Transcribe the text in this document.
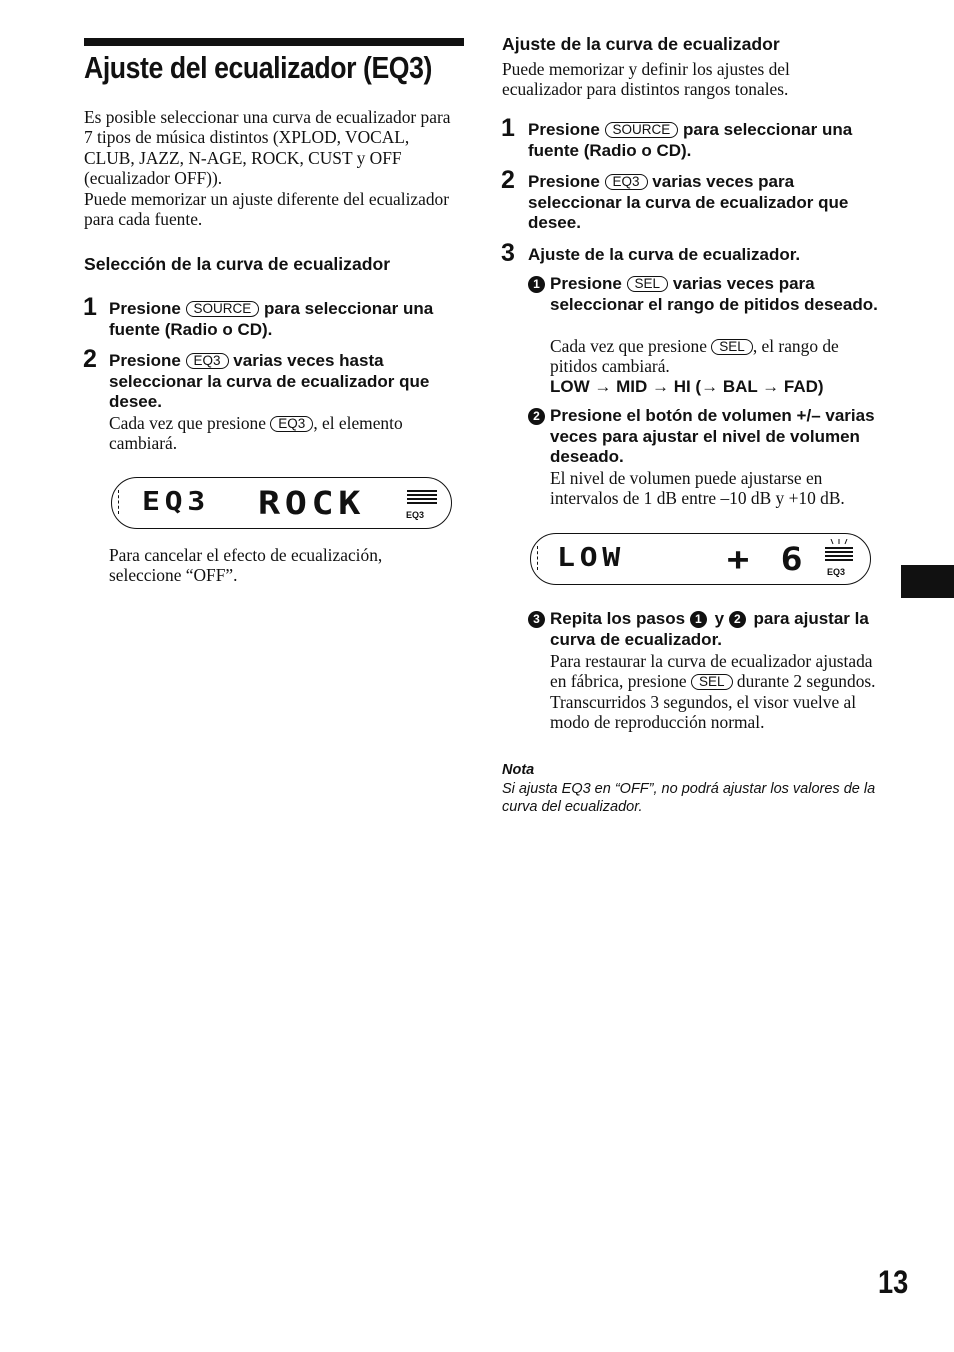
Ajuste del ecualizador (EQ3)
Es posible seleccionar una curva de ecualizador para 7 tipos de música distintos (XPLOD, VOCAL, CLUB, JAZZ, N-AGE, ROCK, CUST y OFF (ecualizador OFF)).
Puede memorizar un ajuste diferente del ecualizador para cada fuente.
Selección de la curva de ecualizador
1 Presione SOURCE para seleccionar una fuente (Radio o CD).
2 Presione EQ3 varias veces hasta seleccionar la curva de ecualizador que desee.
Cada vez que presione EQ3 , el elemento cambiará.
EQ3 ROCK	EQ3
Para cancelar el efecto de ecualización, seleccione “OFF”.
Ajuste de la curva de ecualizador
Puede memorizar y definir los ajustes del ecualizador para distintos rangos tonales.
1 Presione SOURCE para seleccionar una fuente (Radio o CD).
2 Presione EQ3 varias veces para seleccionar la curva de ecualizador que desee.
3 Ajuste de la curva de ecualizador.
1 Presione SEL varias veces para seleccionar el rango de pitidos deseado.
Cada vez que presione SEL , el rango de pitidos cambiará.
LOW → MID → HI (→ BAL → FAD)
2 Presione el botón de volumen +/– varias veces para ajustar el nivel de volumen deseado.
El nivel de volumen puede ajustarse en intervalos de 1 dB entre –10 dB y +10 dB.
LOW	+ 6 EQ3
3 Repita los pasos 1 y 2 para ajustar la curva de ecualizador.
Para restaurar la curva de ecualizador ajustada en fábrica, presione SEL durante 2 segundos.
Transcurridos 3 segundos, el visor vuelve al modo de reproducción normal.
Nota
Si ajusta EQ3 en “OFF”, no podrá ajustar los valores de la curva del ecualizador.
13
